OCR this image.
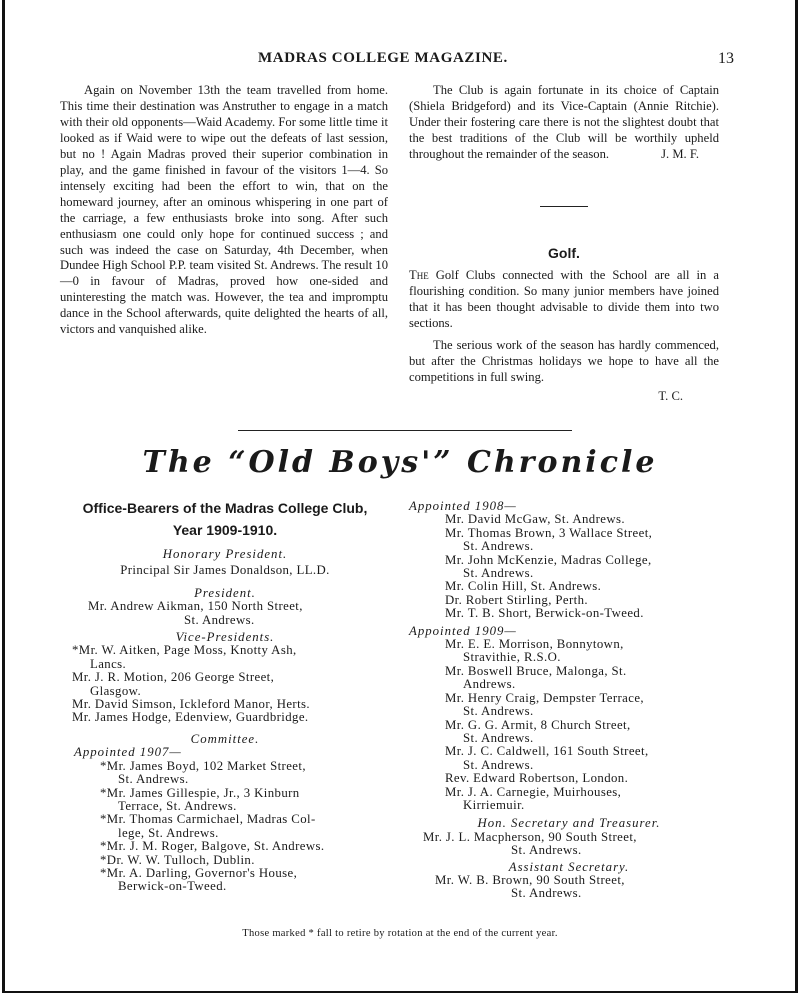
MADRAS COLLEGE MAGAZINE.	13

Again on November 13th the team travelled from home. This time their destination was Anstruther to engage in a match with their old opponents—Waid Academy. For some little time it looked as if Waid were to wipe out the defeats of last session, but no ! Again Madras proved their superior combination in play, and the game finished in favour of the visitors 1—4. So intensely exciting had been the effort to win, that on the homeward journey, after an ominous whispering in one part of the carriage, a few enthusiasts broke into song. After such enthusiasm one could only hope for continued success ; and such was indeed the case on Saturday, 4th December, when Dundee High School P.P. team visited St. Andrews. The result 10—0 in favour of Madras, proved how one-sided and uninteresting the match was. However, the tea and impromptu dance in the School afterwards, quite delighted the hearts of all, victors and vanquished alike.

The Club is again fortunate in its choice of Captain (Shiela Bridgeford) and its Vice-Captain (Annie Ritchie). Under their fostering care there is not the slightest doubt that the best traditions of the Club will be worthily upheld throughout the remainder of the season.	J. M. F.

Golf.

The Golf Clubs connected with the School are all in a flourishing condition. So many junior members have joined that it has been thought advisable to divide them into two sections.

The serious work of the season has hardly commenced, but after the Christmas holidays we hope to have all the competitions in full swing.

T. C.
The “Old Boys'” Chronicle
Office-Bearers of the Madras College Club,
Year 1909-1910.
Honorary President.
Principal Sir James Donaldson, LL.D.
President.
Mr. Andrew Aikman, 150 North Street,
St. Andrews.
Vice-Presidents.
*Mr. W. Aitken, Page Moss, Knotty Ash,
Lancs.
Mr. J. R. Motion, 206 George Street,
Glasgow.
Mr. David Simson, Ickleford Manor, Herts.
Mr. James Hodge, Edenview, Guardbridge.
Committee.
Appointed 1907—
*Mr. James Boyd, 102 Market Street,
St. Andrews.
*Mr. James Gillespie, Jr., 3 Kinburn
Terrace, St. Andrews.
*Mr. Thomas Carmichael, Madras Col-
lege, St. Andrews.
*Mr. J. M. Roger, Balgove, St. Andrews.
*Dr. W. W. Tulloch, Dublin.
*Mr. A. Darling, Governor's House,
Berwick-on-Tweed.
Appointed 1908—
Mr. David McGaw, St. Andrews.
Mr. Thomas Brown, 3 Wallace Street,
St. Andrews.
Mr. John McKenzie, Madras College,
St. Andrews.
Mr. Colin Hill, St. Andrews.
Dr. Robert Stirling, Perth.
Mr. T. B. Short, Berwick-on-Tweed.
Appointed 1909—
Mr. E. E. Morrison, Bonnytown,
Stravithie, R.S.O.
Mr. Boswell Bruce, Malonga, St.
Andrews.
Mr. Henry Craig, Dempster Terrace,
St. Andrews.
Mr. G. G. Armit, 8 Church Street,
St. Andrews.
Mr. J. C. Caldwell, 161 South Street,
St. Andrews.
Rev. Edward Robertson, London.
Mr. J. A. Carnegie, Muirhouses,
Kirriemuir.
Hon. Secretary and Treasurer.
Mr. J. L. Macpherson, 90 South Street,
St. Andrews.
Assistant Secretary.
Mr. W. B. Brown, 90 South Street,
St. Andrews.
Those marked * fall to retire by rotation at the end of the current year.
